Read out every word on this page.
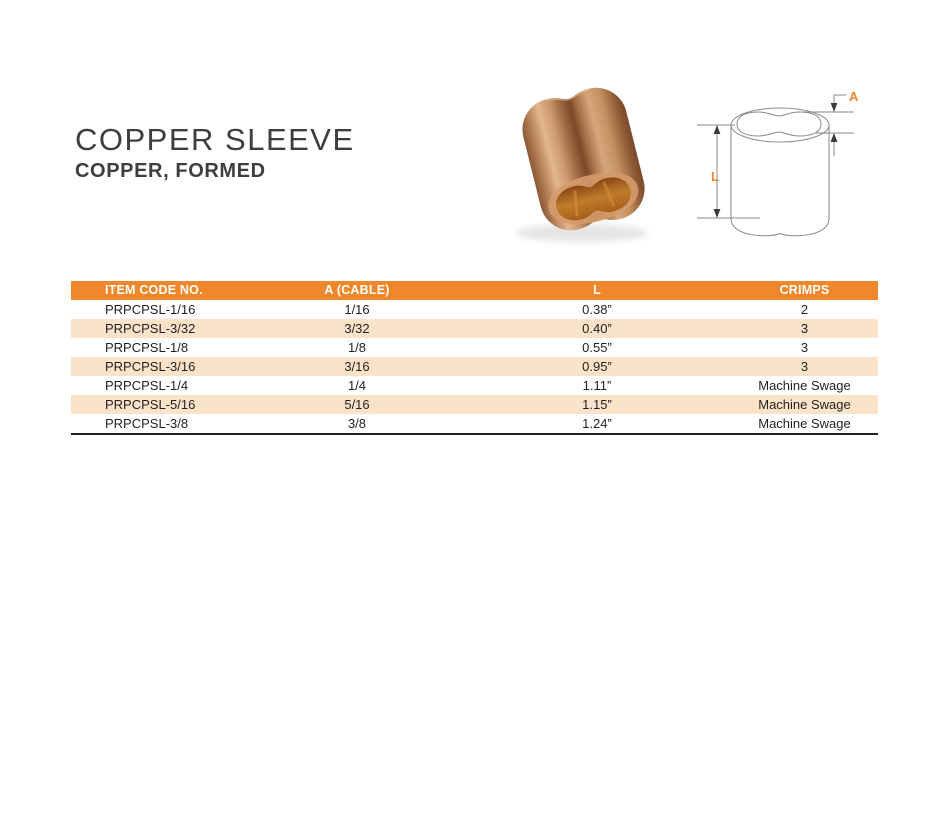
COPPER SLEEVE
COPPER, FORMED	L
A
ITEM CODE NO.	A (CABLE)	L	CRIMPS
PRPCPSL-1/16	1/16	0.38”	2
PRPCPSL-3/32	3/32	0.40”	3
PRPCPSL-1/8	1/8	0.55”	3
PRPCPSL-3/16	3/16	0.95”	3
PRPCPSL-1/4	1/4	1.11”	Machine Swage
PRPCPSL-5/16	5/16	1.15”	Machine Swage
PRPCPSL-3/8	3/8	1.24”	Machine Swage
